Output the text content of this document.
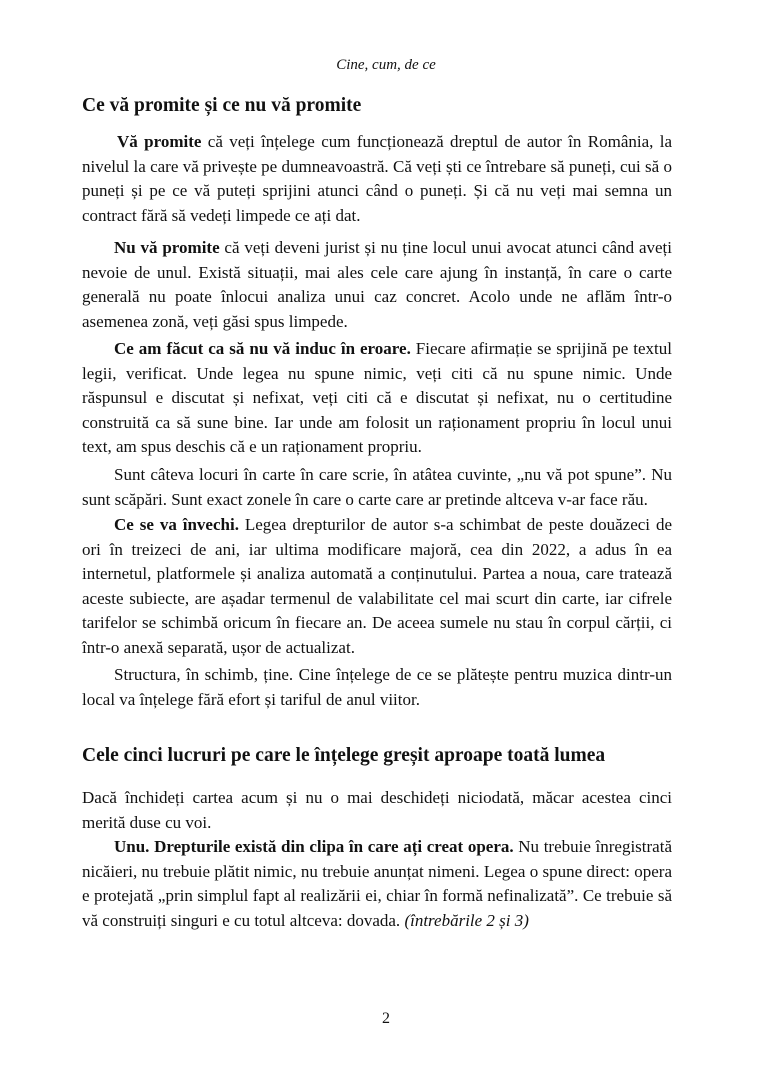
Cine, cum, de ce
Ce vă promite și ce nu vă promite

Vă promite că veți înțelege cum funcționează dreptul de autor în România, la nivelul la care vă privește pe dumneavoastră. Că veți ști ce întrebare să puneți, cui să o puneți și pe ce vă puteți sprijini atunci când o puneți. Și că nu veți mai semna un contract fără să vedeți limpede ce ați dat.

Nu vă promite că veți deveni jurist și nu ține locul unui avocat atunci când aveți nevoie de unul. Există situații, mai ales cele care ajung în instanță, în care o carte generală nu poate înlocui analiza unui caz concret. Acolo unde ne aflăm într-o asemenea zonă, veți găsi spus limpede.

Ce am făcut ca să nu vă induc în eroare. Fiecare afirmație se sprijină pe textul legii, verificat. Unde legea nu spune nimic, veți citi că nu spune nimic. Unde răspunsul e discutat și nefixat, veți citi că e discutat și nefixat, nu o certitudine construită ca să sune bine. Iar unde am folosit un raționament propriu în locul unui text, am spus deschis că e un raționament propriu.

Sunt câteva locuri în carte în care scrie, în atâtea cuvinte, „nu vă pot spune”. Nu sunt scăpări. Sunt exact zonele în care o carte care ar pretinde altceva v-ar face rău.

Ce se va învechi. Legea drepturilor de autor s-a schimbat de peste douăzeci de ori în treizeci de ani, iar ultima modificare majoră, cea din 2022, a adus în ea internetul, platformele și analiza automată a conținutului. Partea a noua, care tratează aceste subiecte, are așadar termenul de valabilitate cel mai scurt din carte, iar cifrele tarifelor se schimbă oricum în fiecare an. De aceea sumele nu stau în corpul cărții, ci într-o anexă separată, ușor de actualizat.

Structura, în schimb, ține. Cine înțelege de ce se plătește pentru muzica dintr-un local va înțelege fără efort și tariful de anul viitor.

Cele cinci lucruri pe care le înțelege greșit aproape toată lumea

Dacă închideți cartea acum și nu o mai deschideți niciodată, măcar acestea cinci merită duse cu voi.

Unu. Drepturile există din clipa în care ați creat opera. Nu trebuie înregistrată nicăieri, nu trebuie plătit nimic, nu trebuie anunțat nimeni. Legea o spune direct: opera e protejată „prin simplul fapt al realizării ei, chiar în formă nefinalizată”. Ce trebuie să vă construiți singuri e cu totul altceva: dovada. (întrebările 2 și 3)

2
